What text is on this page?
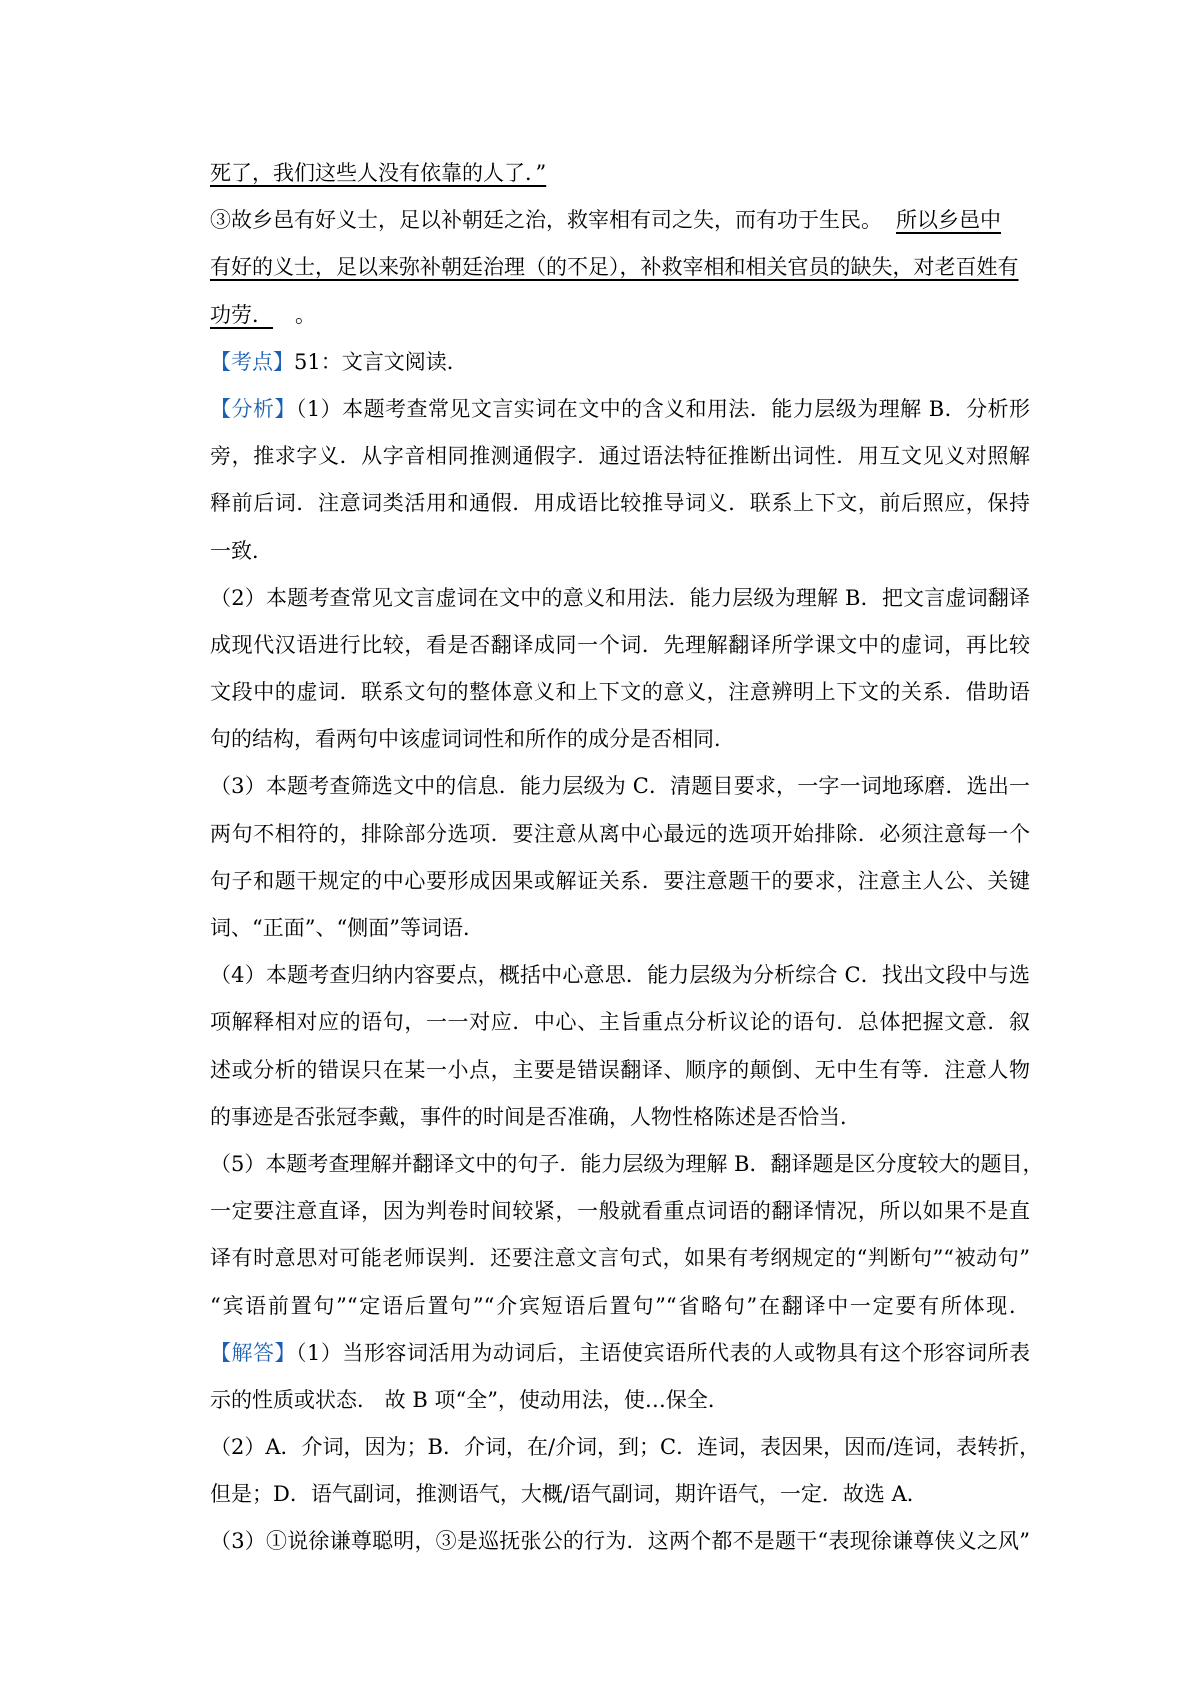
死了，我们这些人没有依靠的人了．”
③故乡邑有好义士，足以补朝廷之治，救宰相有司之失，而有功于生民。 所以乡邑中
有好的义士，足以来弥补朝廷治理（的不足），补救宰相和相关官员的缺失，对老百姓有
功劳． 。
【考点】51：文言文阅读．
【分析】（1）本题考查常见文言实词在文中的含义和用法．能力层级为理解 B．分析形
旁，推求字义．从字音相同推测通假字．通过语法特征推断出词性．用互文见义对照解
释前后词．注意词类活用和通假．用成语比较推导词义．联系上下文，前后照应，保持
一致．
（2）本题考查常见文言虚词在文中的意义和用法．能力层级为理解 B．把文言虚词翻译
成现代汉语进行比较，看是否翻译成同一个词．先理解翻译所学课文中的虚词，再比较
文段中的虚词．联系文句的整体意义和上下文的意义，注意辨明上下文的关系．借助语
句的结构，看两句中该虚词词性和所作的成分是否相同．
（3）本题考查筛选文中的信息．能力层级为 C．清题目要求，一字一词地琢磨．选出一
两句不相符的，排除部分选项．要注意从离中心最远的选项开始排除．必须注意每一个
句子和题干规定的中心要形成因果或解证关系．要注意题干的要求，注意主人公、关键
词、“正面”、“侧面”等词语．
（4）本题考查归纳内容要点，概括中心意思．能力层级为分析综合 C．找出文段中与选
项解释相对应的语句，一一对应．中心、主旨重点分析议论的语句．总体把握文意．叙
述或分析的错误只在某一小点，主要是错误翻译、顺序的颠倒、无中生有等．注意人物
的事迹是否张冠李戴，事件的时间是否准确，人物性格陈述是否恰当．
（5）本题考查理解并翻译文中的句子．能力层级为理解 B．翻译题是区分度较大的题目，
一定要注意直译，因为判卷时间较紧，一般就看重点词语的翻译情况，所以如果不是直
译有时意思对可能老师误判．还要注意文言句式，如果有考纲规定的“判断句”“被动句”
“宾语前置句”“定语后置句”“介宾短语后置句”“省略句”在翻译中一定要有所体现．
【解答】（1）当形容词活用为动词后，主语使宾语所代表的人或物具有这个形容词所表
示的性质或状态． 故 B 项“全”，使动用法，使…保全．
（2）A．介词，因为；B．介词，在/介词，到；C．连词，表因果，因而/连词，表转折，
但是；D．语气副词，推测语气，大概/语气副词，期许语气，一定．故选 A．
（3）①说徐谦尊聪明，③是巡抚张公的行为．这两个都不是题干“表现徐谦尊侠义之风”
